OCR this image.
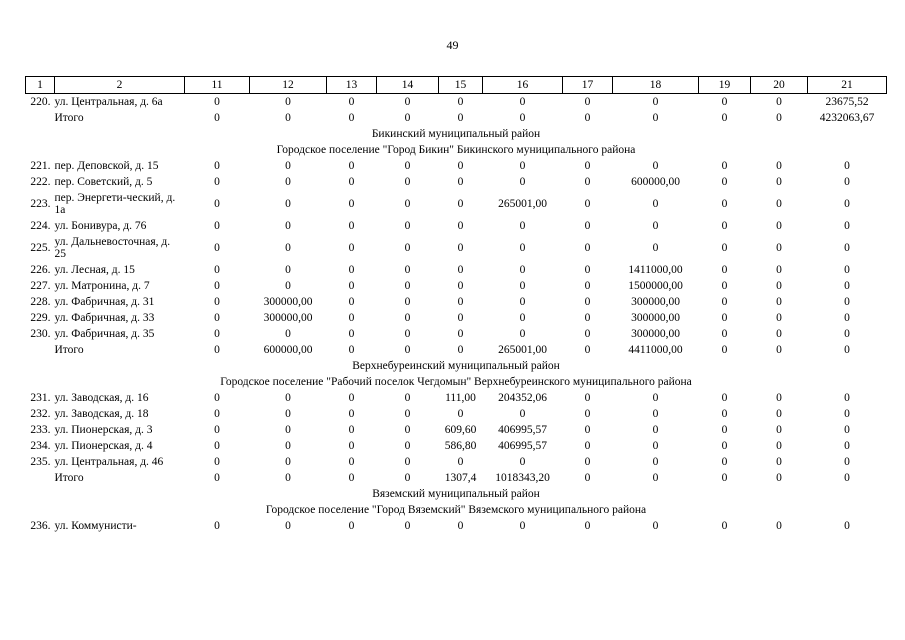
49
1	2	11	12	13	14	15	16	17	18	19	20	21
220.	ул. Центральная, д. 6а	0	0	0	0	0	0	0	0	0	0	23675,52
	Итого	0	0	0	0	0	0	0	0	0	0	4232063,67
Бикинский муниципальный район												
Городское поселение "Город Бикин" Бикинского муниципального района												
221.	пер. Деповской, д. 15	0	0	0	0	0	0	0	0	0	0	0
222.	пер. Советский, д. 5	0	0	0	0	0	0	0	600000,00	0	0	0
223.	пер. Энергети-ческий, д. 1а	0	0	0	0	0	265001,00	0	0	0	0	0
224.	ул. Бонивура, д. 76	0	0	0	0	0	0	0	0	0	0	0
225.	ул. Дальневосточная, д. 25	0	0	0	0	0	0	0	0	0	0	0
226.	ул. Лесная, д. 15	0	0	0	0	0	0	0	1411000,00	0	0	0
227.	ул. Матронина, д. 7	0	0	0	0	0	0	0	1500000,00	0	0	0
228.	ул. Фабричная, д. 31	0	300000,00	0	0	0	0	0	300000,00	0	0	0
229.	ул. Фабричная, д. 33	0	300000,00	0	0	0	0	0	300000,00	0	0	0
230.	ул. Фабричная, д. 35	0	0	0	0	0	0	0	300000,00	0	0	0
	Итого	0	600000,00	0	0	0	265001,00	0	4411000,00	0	0	0
Верхнебуреинский муниципальный район												
Городское поселение "Рабочий поселок Чегдомын" Верхнебуреинского муниципального района												
231.	ул. Заводская, д. 16	0	0	0	0	111,00	204352,06	0	0	0	0	0
232.	ул. Заводская, д. 18	0	0	0	0	0	0	0	0	0	0	0
233.	ул. Пионерская, д. 3	0	0	0	0	609,60	406995,57	0	0	0	0	0
234.	ул. Пионерская, д. 4	0	0	0	0	586,80	406995,57	0	0	0	0	0
235.	ул. Центральная, д. 46	0	0	0	0	0	0	0	0	0	0	0
	Итого	0	0	0	0	1307,4	1018343,20	0	0	0	0	0
Вяземский муниципальный район												
Городское поселение "Город Вяземский" Вяземского муниципального района												
236.	ул. Коммунисти-	0	0	0	0	0	0	0	0	0	0	0
